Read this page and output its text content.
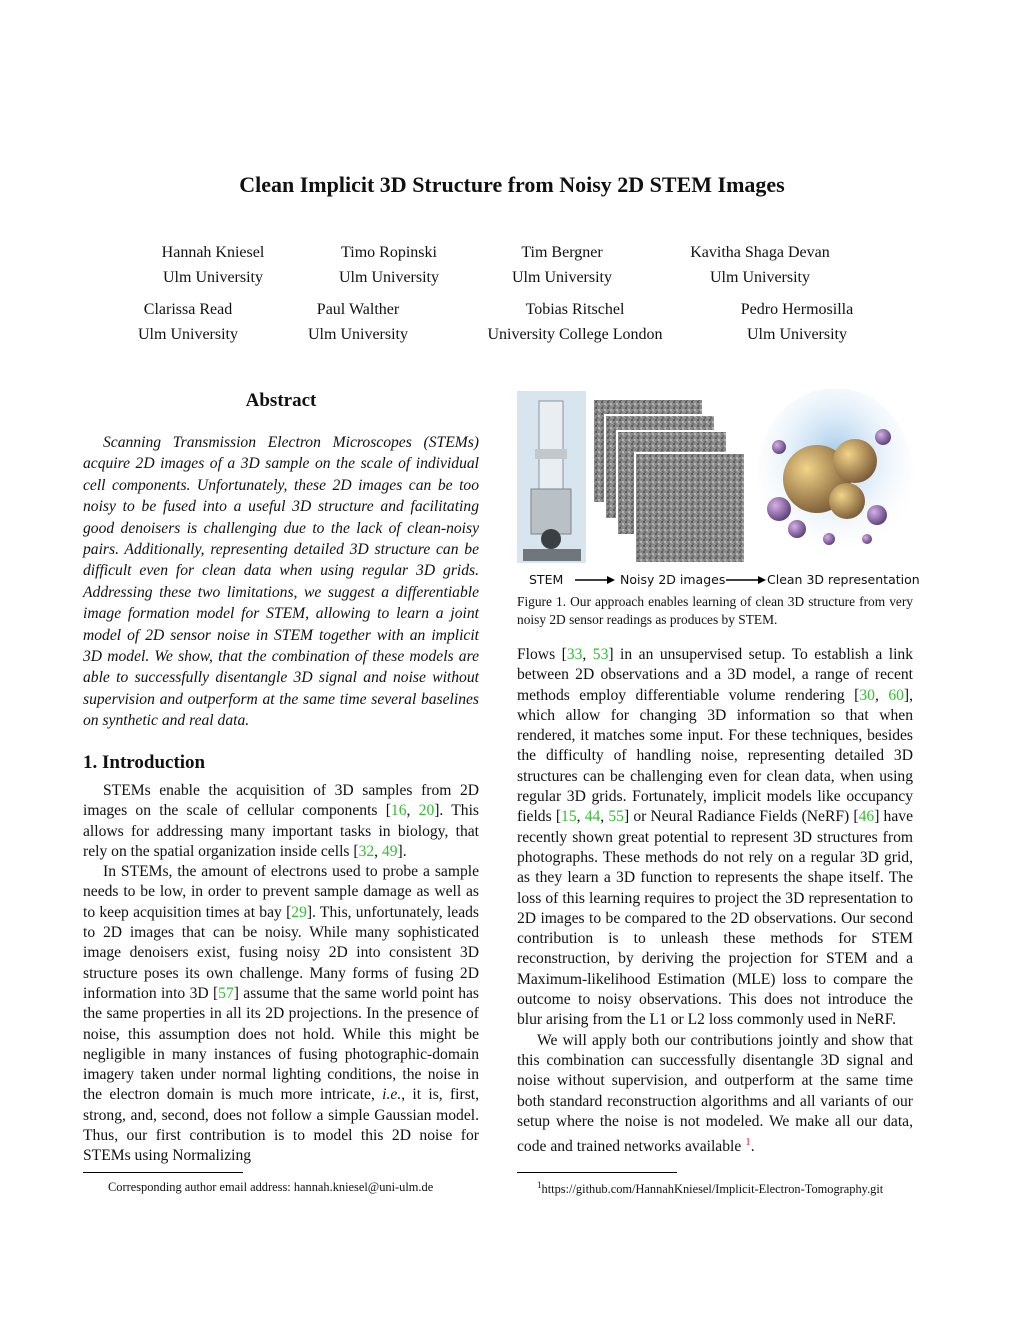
Clean Implicit 3D Structure from Noisy 2D STEM Images
Hannah Kniesel
Ulm University
Timo Ropinski
Ulm University
Tim Bergner
Ulm University
Kavitha Shaga Devan
Ulm University
Clarissa Read
Ulm University
Paul Walther
Ulm University
Tobias Ritschel
University College London
Pedro Hermosilla
Ulm University
Abstract

Scanning Transmission Electron Microscopes (STEMs) acquire 2D images of a 3D sample on the scale of individual cell components. Unfortunately, these 2D images can be too noisy to be fused into a useful 3D structure and facilitating good denoisers is challenging due to the lack of clean-noisy pairs. Additionally, representing detailed 3D structure can be difficult even for clean data when using regular 3D grids. Addressing these two limitations, we suggest a differentiable image formation model for STEM, allowing to learn a joint model of 2D sensor noise in STEM together with an implicit 3D model. We show, that the combination of these models are able to successfully disentangle 3D signal and noise without supervision and outperform at the same time several baselines on synthetic and real data.

1. Introduction

STEMs enable the acquisition of 3D samples from 2D images on the scale of cellular components [16, 20]. This allows for addressing many important tasks in biology, that rely on the spatial organization inside cells [32, 49].

In STEMs, the amount of electrons used to probe a sample needs to be low, in order to prevent sample damage as well as to keep acquisition times at bay [29]. This, unfortunately, leads to 2D images that can be noisy. While many sophisticated image denoisers exist, fusing noisy 2D into consistent 3D structure poses its own challenge. Many forms of fusing 2D information into 3D [57] assume that the same world point has the same properties in all its 2D projections. In the presence of noise, this assumption does not hold. While this might be negligible in many instances of fusing photographic-domain imagery taken under normal lighting conditions, the noise in the electron domain is much more intricate, i.e., it is, first, strong, and, second, does not follow a simple Gaussian model. Thus, our first contribution is to model this 2D noise for STEMs using Normalizing

Corresponding author email address: hannah.kniesel@uni-ulm.de
STEM	Noisy 2D images	Clean 3D representation

Figure 1. Our approach enables learning of clean 3D structure from very noisy 2D sensor readings as produces by STEM.

Flows [33, 53] in an unsupervised setup. To establish a link between 2D observations and a 3D model, a range of recent methods employ differentiable volume rendering [30, 60], which allow for changing 3D information so that when rendered, it matches some input. For these techniques, besides the difficulty of handling noise, representing detailed 3D structures can be challenging even for clean data, when using regular 3D grids. Fortunately, implicit models like occupancy fields [15, 44, 55] or Neural Radiance Fields (NeRF) [46] have recently shown great potential to represent 3D structures from photographs. These methods do not rely on a regular 3D grid, as they learn a 3D function to represents the shape itself. The loss of this learning requires to project the 3D representation to 2D images to be compared to the 2D observations. Our second contribution is to unleash these methods for STEM reconstruction, by deriving the projection for STEM and a Maximum-likelihood Estimation (MLE) loss to compare the outcome to noisy observations. This does not introduce the blur arising from the L1 or L2 loss commonly used in NeRF.

We will apply both our contributions jointly and show that this combination can successfully disentangle 3D signal and noise without supervision, and outperform at the same time both standard reconstruction algorithms and all variants of our setup where the noise is not modeled. We make all our data, code and trained networks available $^1$.

$^1$https://github.com/HannahKniesel/Implicit-Electron-Tomography.git
